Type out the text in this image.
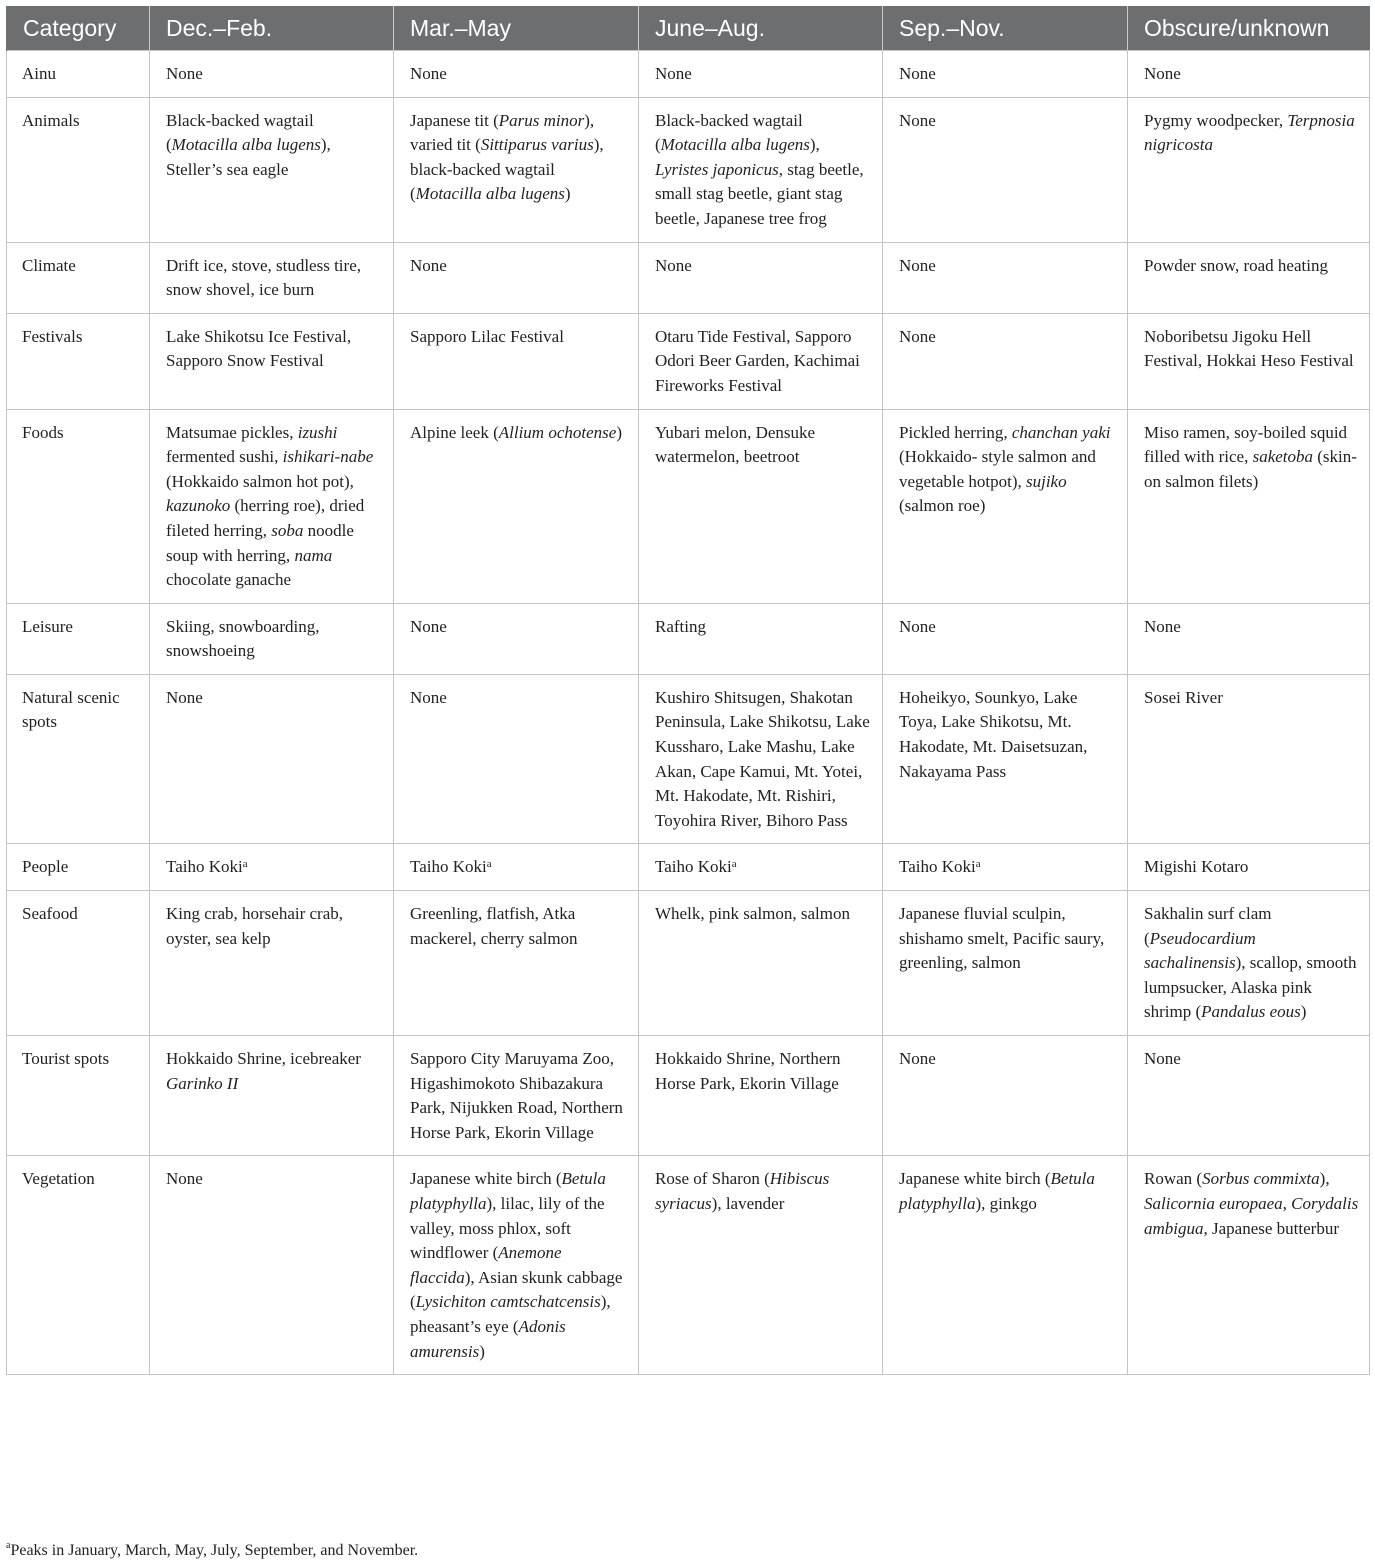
Category	Dec.–Feb.	Mar.–May	June–Aug.	Sep.–Nov.	Obscure/unknown
Ainu	None	None	None	None	None
Animals	Black-backed wagtail (Motacilla alba lugens), Steller’s sea eagle	Japanese tit (Parus minor), varied tit (Sittiparus varius), black-backed wagtail (Motacilla alba lugens)	Black-backed wagtail (Motacilla alba lugens), Lyristes japonicus, stag beetle, small stag beetle, giant stag beetle, Japanese tree frog	None	Pygmy woodpecker, Terpnosia nigricosta
Climate	Drift ice, stove, studless tire, snow shovel, ice burn	None	None	None	Powder snow, road heating
Festivals	Lake Shikotsu Ice Festival, Sapporo Snow Festival	Sapporo Lilac Festival	Otaru Tide Festival, Sapporo Odori Beer Garden, Kachimai Fireworks Festival	None	Noboribetsu Jigoku Hell Festival, Hokkai Heso Festival
Foods	Matsumae pickles, izushi fermented sushi, ishikari-nabe (Hokkaido salmon hot pot), kazunoko (herring roe), dried fileted herring, soba noodle soup with herring, nama chocolate ganache	Alpine leek (Allium ochotense)	Yubari melon, Densuke watermelon, beetroot	Pickled herring, chanchan yaki (Hokkaido- style salmon and vegetable hotpot), sujiko (salmon roe)	Miso ramen, soy-boiled squid filled with rice, saketoba (skin-on salmon filets)
Leisure	Skiing, snowboarding, snowshoeing	None	Rafting	None	None
Natural scenic spots	None	None	Kushiro Shitsugen, Shakotan Peninsula, Lake Shikotsu, Lake Kussharo, Lake Mashu, Lake Akan, Cape Kamui, Mt. Yotei, Mt. Hakodate, Mt. Rishiri, Toyohira River, Bihoro Pass	Hoheikyo, Sounkyo, Lake Toya, Lake Shikotsu, Mt. Hakodate, Mt. Daisetsuzan, Nakayama Pass	Sosei River
People	Taiho Koki$^a$	Taiho Koki$^a$	Taiho Koki$^a$	Taiho Koki$^a$	Migishi Kotaro
Seafood	King crab, horsehair crab, oyster, sea kelp	Greenling, flatfish, Atka mackerel, cherry salmon	Whelk, pink salmon, salmon	Japanese fluvial sculpin, shishamo smelt, Pacific saury, greenling, salmon	Sakhalin surf clam (Pseudocardium sachalinensis), scallop, smooth lumpsucker, Alaska pink shrimp (Pandalus eous)
Tourist spots	Hokkaido Shrine, icebreaker Garinko II	Sapporo City Maruyama Zoo, Higashimokoto Shibazakura Park, Nijukken Road, Northern Horse Park, Ekorin Village	Hokkaido Shrine, Northern Horse Park, Ekorin Village	None	None
Vegetation	None	Japanese white birch (Betula platyphylla), lilac, lily of the valley, moss phlox, soft windflower (Anemone flaccida), Asian skunk cabbage (Lysichiton camtschatcensis), pheasant’s eye (Adonis amurensis)	Rose of Sharon (Hibiscus syriacus), lavender	Japanese white birch (Betula platyphylla), ginkgo	Rowan (Sorbus commixta), Salicornia europaea, Corydalis ambigua, Japanese butterbur
$^a$Peaks in January, March, May, July, September, and November.
